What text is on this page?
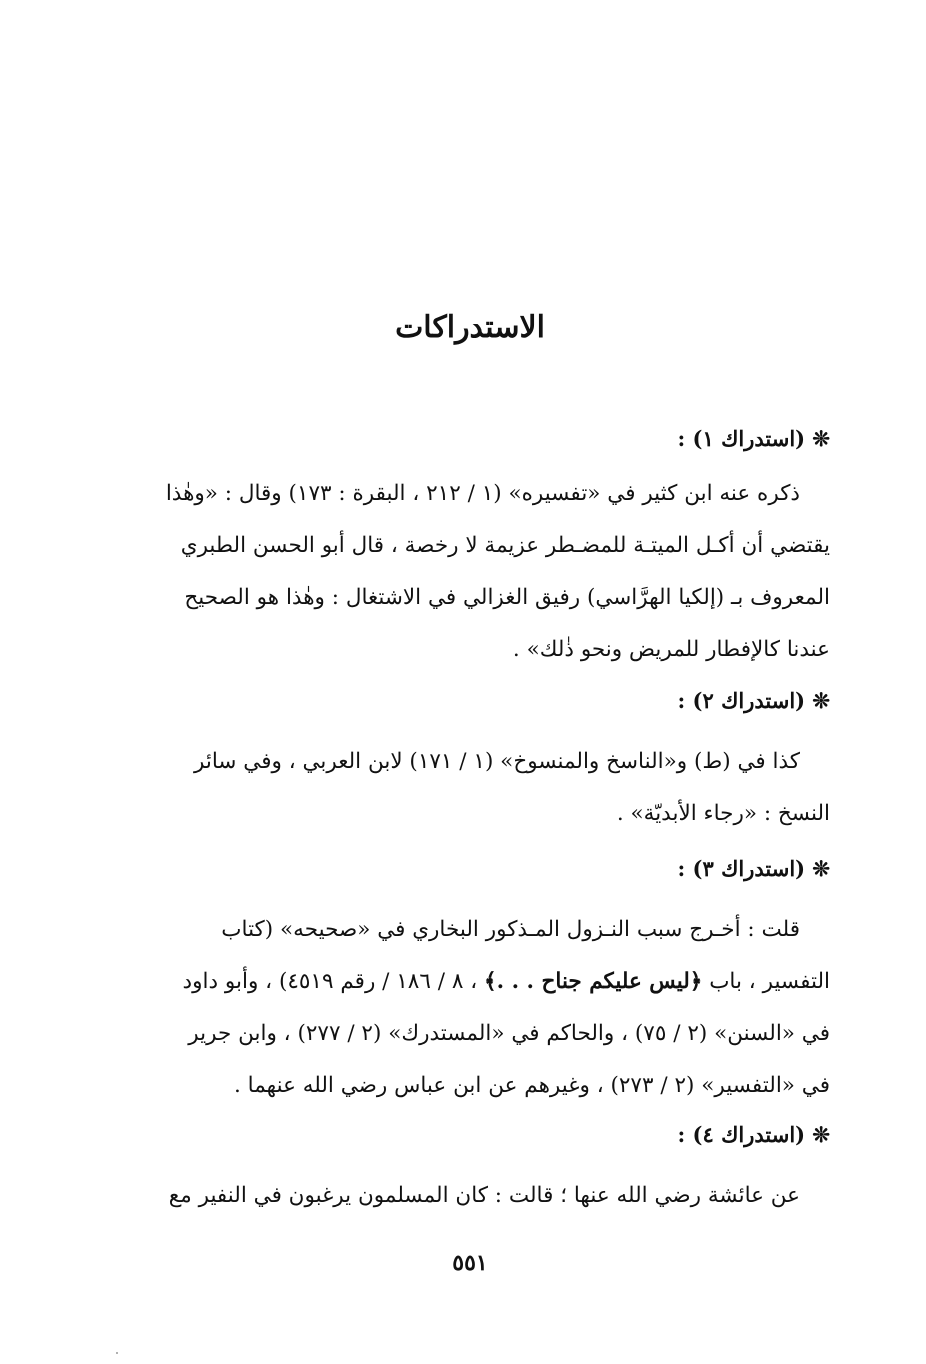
الاستدراكات
❊ (استدراك ١) :
ذكره عنه ابن كثير في «تفسيره» (١ / ٢١٢ ، البقرة : ١٧٣) وقال : «وهٰذا
يقتضي أن أكـل الميتـة للمضـطر عزيمة لا رخصة ، قال أبو الحسن الطبري
المعروف بـ (إلكيا الهرَّاسي) رفيق الغزالي في الاشتغال : وهٰذا هو الصحيح
عندنا كالإفطار للمريض ونحو ذٰلك» .
❊ (استدراك ٢) :
كذا في (ط) و«الناسخ والمنسوخ» (١ / ١٧١) لابن العربي ، وفي سائر
النسخ : «رجاء الأبديّة» .
❊ (استدراك ٣) :
قلت : أخـرج سبب النـزول المـذكور البخاري في «صحيحه» (كتاب
التفسير ، باب ﴿ليس عليكم جناح . . .﴾ ، ٨ / ١٨٦ / رقم ٤٥١٩) ، وأبو داود
في «السنن» (٢ / ٧٥) ، والحاكم في «المستدرك» (٢ / ٢٧٧) ، وابن جرير
في «التفسير» (٢ / ٢٧٣) ، وغيرهم عن ابن عباس رضي الله عنهما .
❊ (استدراك ٤) :
عن عائشة رضي الله عنها ؛ قالت : كان المسلمون يرغبون في النفير مع
٥٥١
